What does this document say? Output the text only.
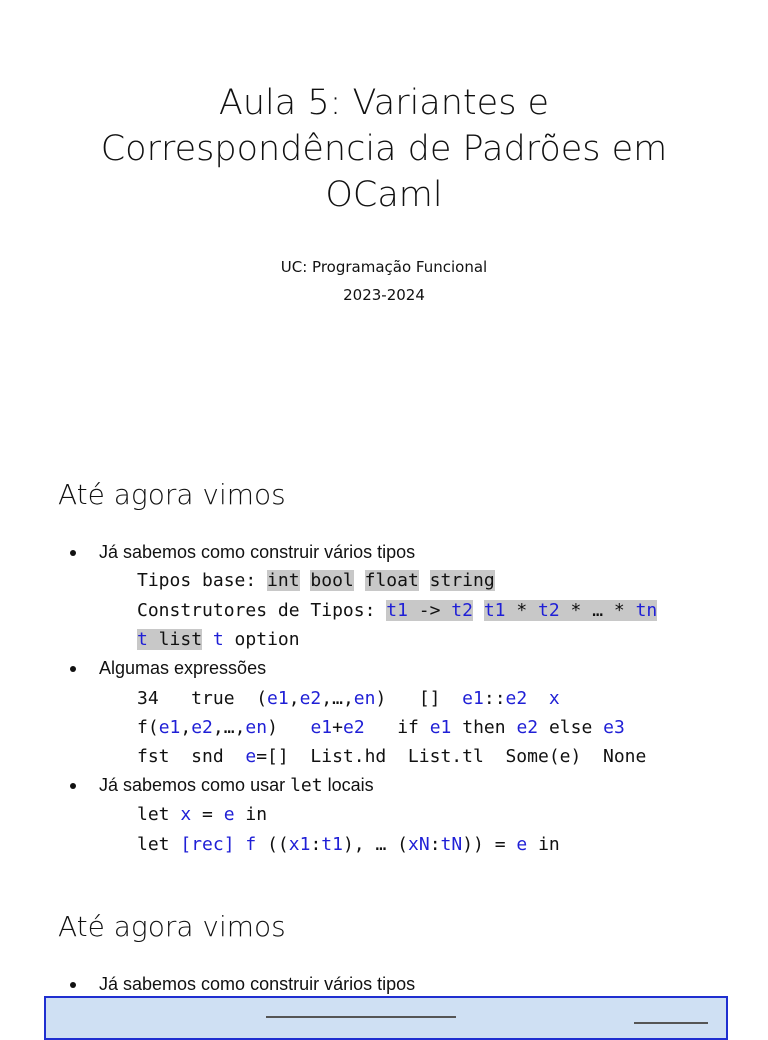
Aula 5: Variantes e
Correspondência de Padrões em
OCaml
UC: Programação Funcional
2023-2024
Até agora vimos
Já sabemos como construir vários tipos
Tipos base: int bool float string
Construtores de Tipos: t1 -> t2 t1 * t2 * … * tn
t list t option
Algumas expressões
34   true  (e1,e2,…,en)   []  e1::e2 x
f(e1,e2,…,en)   e1+e2   if e1 then e2 else e3
fst  snd  e=[]  List.hd  List.tl  Some(e)  None
Já sabemos como usar let locais
let x = e in
let [rec] f ((x1:t1), … (xN:tN)) = e in
Até agora vimos
Já sabemos como construir vários tipos
